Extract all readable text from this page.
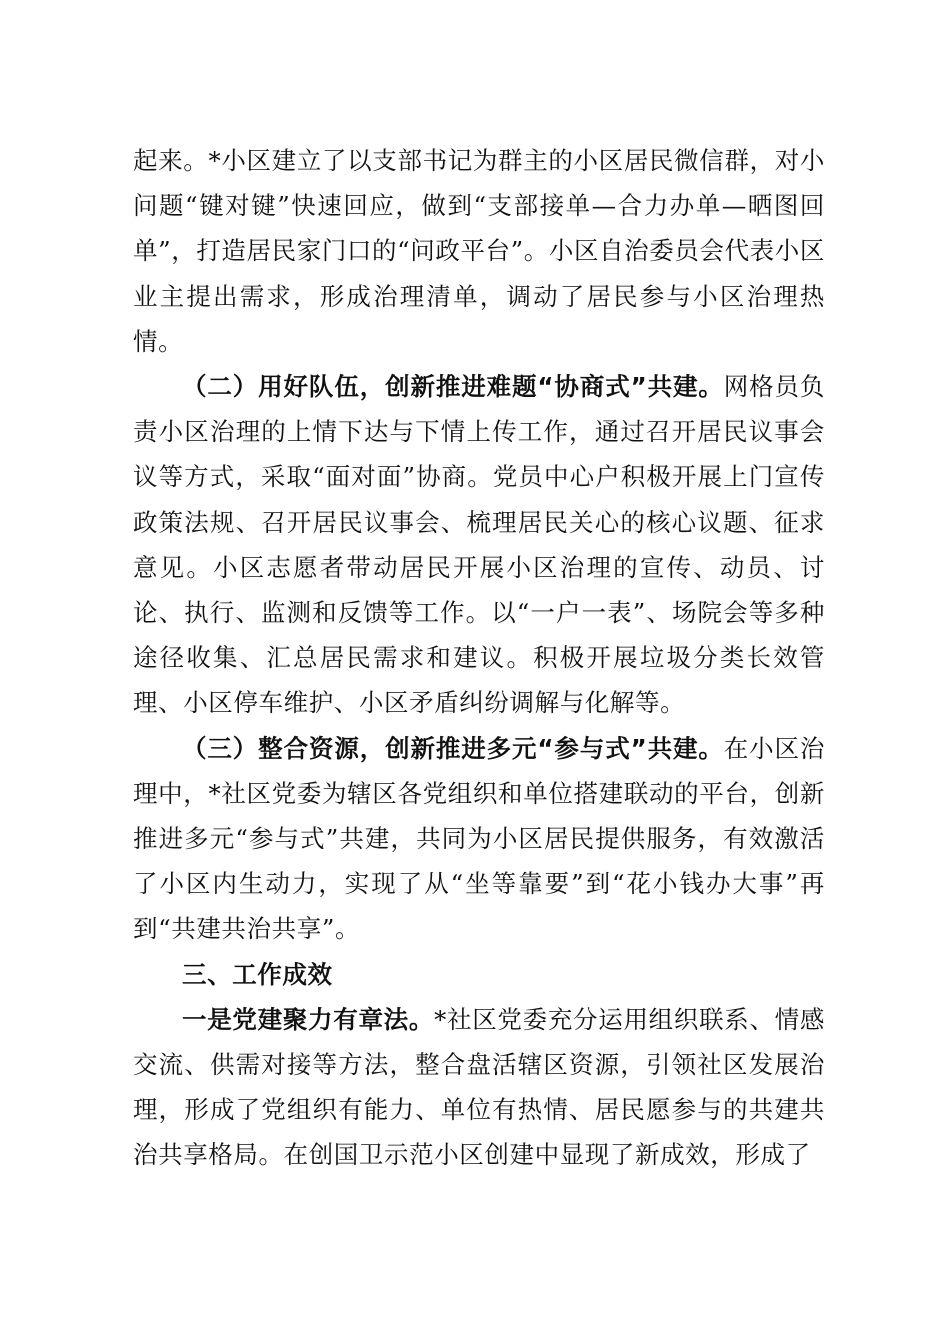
起来。*小区建立了以支部书记为群主的小区居民微信群，对小问题“键对键”快速回应，做到“支部接单—合力办单—晒图回单”，打造居民家门口的“问政平台”。小区自治委员会代表小区业主提出需求，形成治理清单，调动了居民参与小区治理热情。

（二）用好队伍，创新推进难题“协商式”共建。网格员负责小区治理的上情下达与下情上传工作，通过召开居民议事会议等方式，采取“面对面”协商。党员中心户积极开展上门宣传政策法规、召开居民议事会、梳理居民关心的核心议题、征求意见。小区志愿者带动居民开展小区治理的宣传、动员、讨论、执行、监测和反馈等工作。以“一户一表”、场院会等多种途径收集、汇总居民需求和建议。积极开展垃圾分类长效管理、小区停车维护、小区矛盾纠纷调解与化解等。

（三）整合资源，创新推进多元“参与式”共建。在小区治理中，*社区党委为辖区各党组织和单位搭建联动的平台，创新推进多元“参与式”共建，共同为小区居民提供服务，有效激活了小区内生动力，实现了从“坐等靠要”到“花小钱办大事”再到“共建共治共享”。

三、工作成效

一是党建聚力有章法。*社区党委充分运用组织联系、情感交流、供需对接等方法，整合盘活辖区资源，引领社区发展治理，形成了党组织有能力、单位有热情、居民愿参与的共建共治共享格局。在创国卫示范小区创建中显现了新成效，形成了
